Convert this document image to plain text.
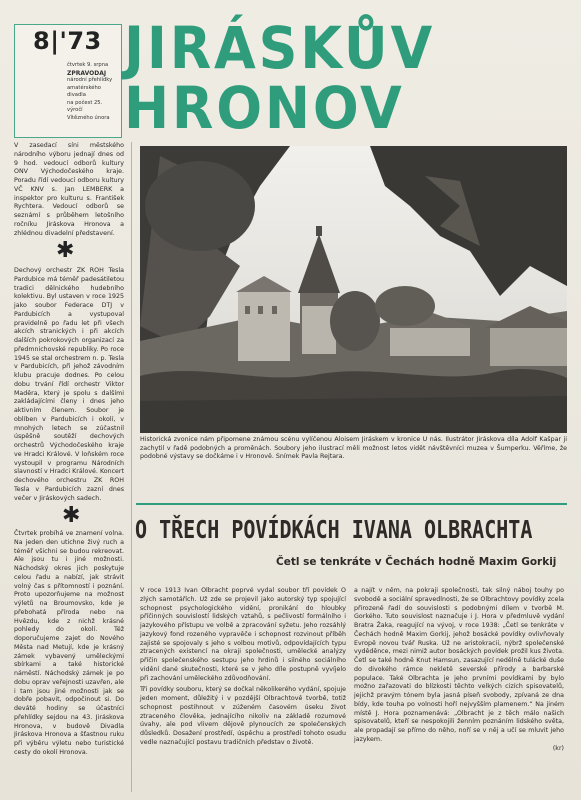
8|'73
čtvrtek 9. srpna
ZPRAVODAJ
národní přehlídky
amatérského divadla
na počest 25. výročí
Vítězného února
JIRÁSKŮV
HRONOV
V zasedací síni městského národního výboru jednají dnes od 9 hod. vedoucí odborů kultury ONV Východočeského kraje. Poradu řídí vedoucí odboru kultury VČ KNV s. Jan LEMBERK a inspektor pro kulturu s. František Rychtera. Vedoucí odborů se seznámí s průběhem letošního ročníku Jiráskova Hronova a zhlédnou divadelní představení.
✱
Dechový orchestr ZK ROH Tesla Pardubice má téměř padesátiletou tradici dělnického hudebního kolektivu. Byl ustaven v roce 1925 jako soubor Federace DTJ v Pardubicích a vystupoval pravidelně po řadu let při všech akcích stranických i při akcích dalších pokrokových organizací za předmnichovské republiky. Po roce 1945 se stal orchestrem n. p. Tesla v Pardubicích, při jehož závodním klubu pracuje dodnes. Po celou dobu trvání řídí orchestr Viktor Maděra, který je spolu s dalšími zakládajícími členy i dnes jeho aktivním členem. Soubor je oblíben v Pardubicích i okolí, v mnohých letech se zúčastnil úspěšně soutěží dechových orchestrů Východočeského kraje ve Hradci Králové. V loňském roce vystoupil v programu Národních slavností v Hradci Králové. Koncert dechového orchestru ZK ROH Tesla v Pardubicích zazní dnes večer v Jiráskových sadech.
✱
Čtvrtek probíhá ve znamení volna. Na jeden den utichne živý ruch a téměř všichni se budou rekreovat. Ale jsou tu i jiné možnosti. Náchodský okres jich poskytuje celou řadu a nabízí, jak strávit volný čas s přítomností i poznání. Proto upozorňujeme na možnost výletů na Broumovsko, kde je přebohatá příroda nebo na Hvězdu, kde z nichž krásné pohledy do okolí. Též doporučujeme zajet do Nového Města nad Metují, kde je krásný zámek vybavený uměleckými sbírkami a také historické náměstí. Náchodský zámek je po dobu oprav veřejnosti uzavřen, ale i tam jsou jiné možnosti jak se dobře pobavit, odpočinout si. Do deváté hodiny se účastníci přehlídky sejdou na 43. Jiráskova Hronova, v budově Divadla Jiráskova Hronova a šťastnou ruku při výběru výletu nebo turistické cesty do okolí Hronova.
Historická zvonice nám připomene známou scénu vylíčenou Aloisem Jiráskem v kronice U nás. Ilustrátor Jiráskova díla Adolf Kašpar ji zachytil v řadě podobných a proměnách. Soubory jeho ilustrací měli možnost letos vidět návštěvníci muzea v Šumperku. Věříme, že podobné výstavy se dočkáme i v Hronově. Snímek Pavla Rejtara.
O TŘECH POVÍDKÁCH IVANA OLBRACHTA
Četl se tenkráte v Čechách hodně Maxim Gorkij
V roce 1913 Ivan Olbracht poprvé vydal soubor tří povídek O zlých samotářích. Už zde se projevil jako autorský typ spojující schopnost psychologického vidění, pronikání do hloubky příčinných souvislostí lidských vztahů, s pečlivostí formálního i jazykového přístupu ve volbě a zpracování syžetu. Jeho rozsáhlý jazykový fond rozeného vypravěče i schopnost rozvinout příběh zajisté se spojovaly s jeho s volbou motivů, odpovídajících typu ztracených existencí na okraji společnosti, umělecké analýzy příčin společenského sestupu jeho hrdinů i silného sociálního vidění dané skutečnosti, které se v jeho díle postupně vyvíjelo při zachování uměleckého zdůvodňování.
Tři povídky souboru, který se dočkal několikerého vydání, spojuje jeden moment, důležitý i v pozdější Olbrachtově tvorbě, totiž schopnost postihnout v zúženém časovém úseku život ztraceného člověka, jednajícího nikoliv na základě rozumové úvahy, ale pod vlivem dějově plynoucích ze společenských důsledků. Dosažení prostředí, úspěchu a prostředí tohoto osudu vedle naznačující postavu tradičních představ o životě.
a najít v něm, na pokraji společnosti, tak silný náboj touhy po svobodě a sociální spravedlnosti, že se Olbrachtovy povídky zcela přirozeně řadí do souvislosti s podobnými dílem v tvorbě M. Gorkého. Tuto souvislost naznačuje i J. Hora v předmluvě vydání Bratra Žaka, reagující na vývoj, v roce 1938: „Četl se tenkráte v Čechách hodně Maxim Gorkij, jehož bosácké povídky ovlivňovaly Evropě novou tvář Ruska. Už ne aristokracii, nýbrž společenské vyděděnce, mezi nimiž autor bosáckých povídek prožil kus života. Četl se také hodně Knut Hamsun, zasazující nedělně tulácké duše do divokého rámce nekletě severské přírody a barbarské populace. Také Olbrachta je jeho prvními povídkami by bylo možno zařazovati do blízkosti těchto velkých cizích spisovatelů, jejichž pravým tónem byla jasná píseň svobody, zpívaná ze dna bídy, kde touha po volnosti hoří nejvyšším plamenem.“ Na jiném místě J. Hora poznamenává: „Olbracht je z těch málo našich spisovatelů, kteří se nespokojili ženním poznáním lidského světa, ale propadají se přímo do něho, noří se v něj a učí se mluvit jeho jazykem.
(kr)
